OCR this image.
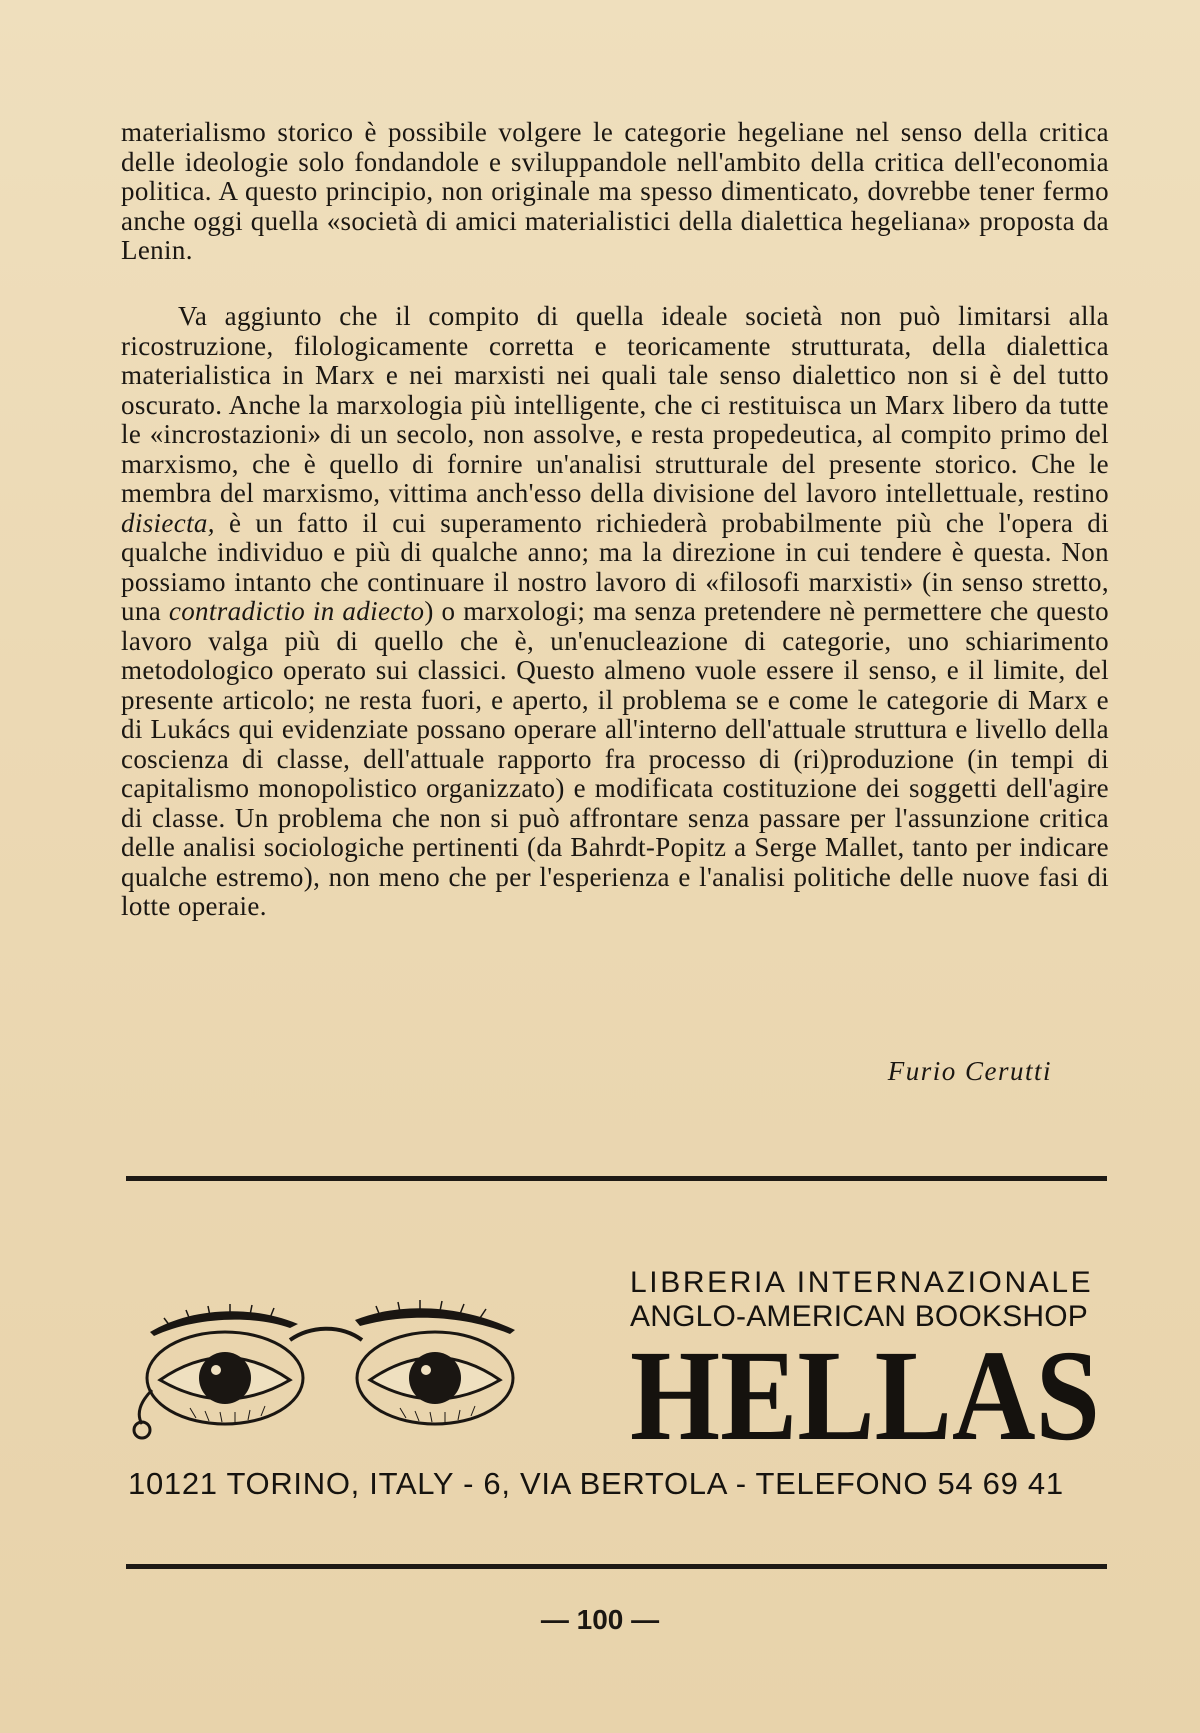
materialismo storico è possibile volgere le categorie hegeliane nel senso della critica delle ideologie solo fondandole e sviluppandole nell'ambito della critica dell'economia politica. A questo principio, non originale ma spesso dimenticato, dovrebbe tener fermo anche oggi quella «società di amici materialistici della dialettica hegeliana» proposta da Lenin.

Va aggiunto che il compito di quella ideale società non può limitarsi alla ricostruzione, filologicamente corretta e teoricamente strutturata, della dialettica materialistica in Marx e nei marxisti nei quali tale senso dialettico non si è del tutto oscurato. Anche la marxologia più intelligente, che ci restituisca un Marx libero da tutte le «incrostazioni» di un secolo, non assolve, e resta propedeutica, al compito primo del marxismo, che è quello di fornire un'analisi strutturale del presente storico. Che le membra del marxismo, vittima anch'esso della divisione del lavoro intellettuale, restino disiecta, è un fatto il cui superamento richiederà probabilmente più che l'opera di qualche individuo e più di qualche anno; ma la direzione in cui tendere è questa. Non possiamo intanto che continuare il nostro lavoro di «filosofi marxisti» (in senso stretto, una contradictio in adiecto) o marxologi; ma senza pretendere nè permettere che questo lavoro valga più di quello che è, un'enucleazione di categorie, uno schiarimento metodologico operato sui classici. Questo almeno vuole essere il senso, e il limite, del presente articolo; ne resta fuori, e aperto, il problema se e come le categorie di Marx e di Lukács qui evidenziate possano operare all'interno dell'attuale struttura e livello della coscienza di classe, dell'attuale rapporto fra processo di (ri)produzione (in tempi di capitalismo monopolistico organizzato) e modificata costituzione dei soggetti dell'agire di classe. Un problema che non si può affrontare senza passare per l'assunzione critica delle analisi sociologiche pertinenti (da Bahrdt-Popitz a Serge Mallet, tanto per indicare qualche estremo), non meno che per l'esperienza e l'analisi politiche delle nuove fasi di lotte operaie.

Furio Cerutti
LIBRERIA INTERNAZIONALE
ANGLO-AMERICAN BOOKSHOP
HELLAS
10121 TORINO, ITALY - 6, VIA BERTOLA - TELEFONO 54 69 41
— 100 —
